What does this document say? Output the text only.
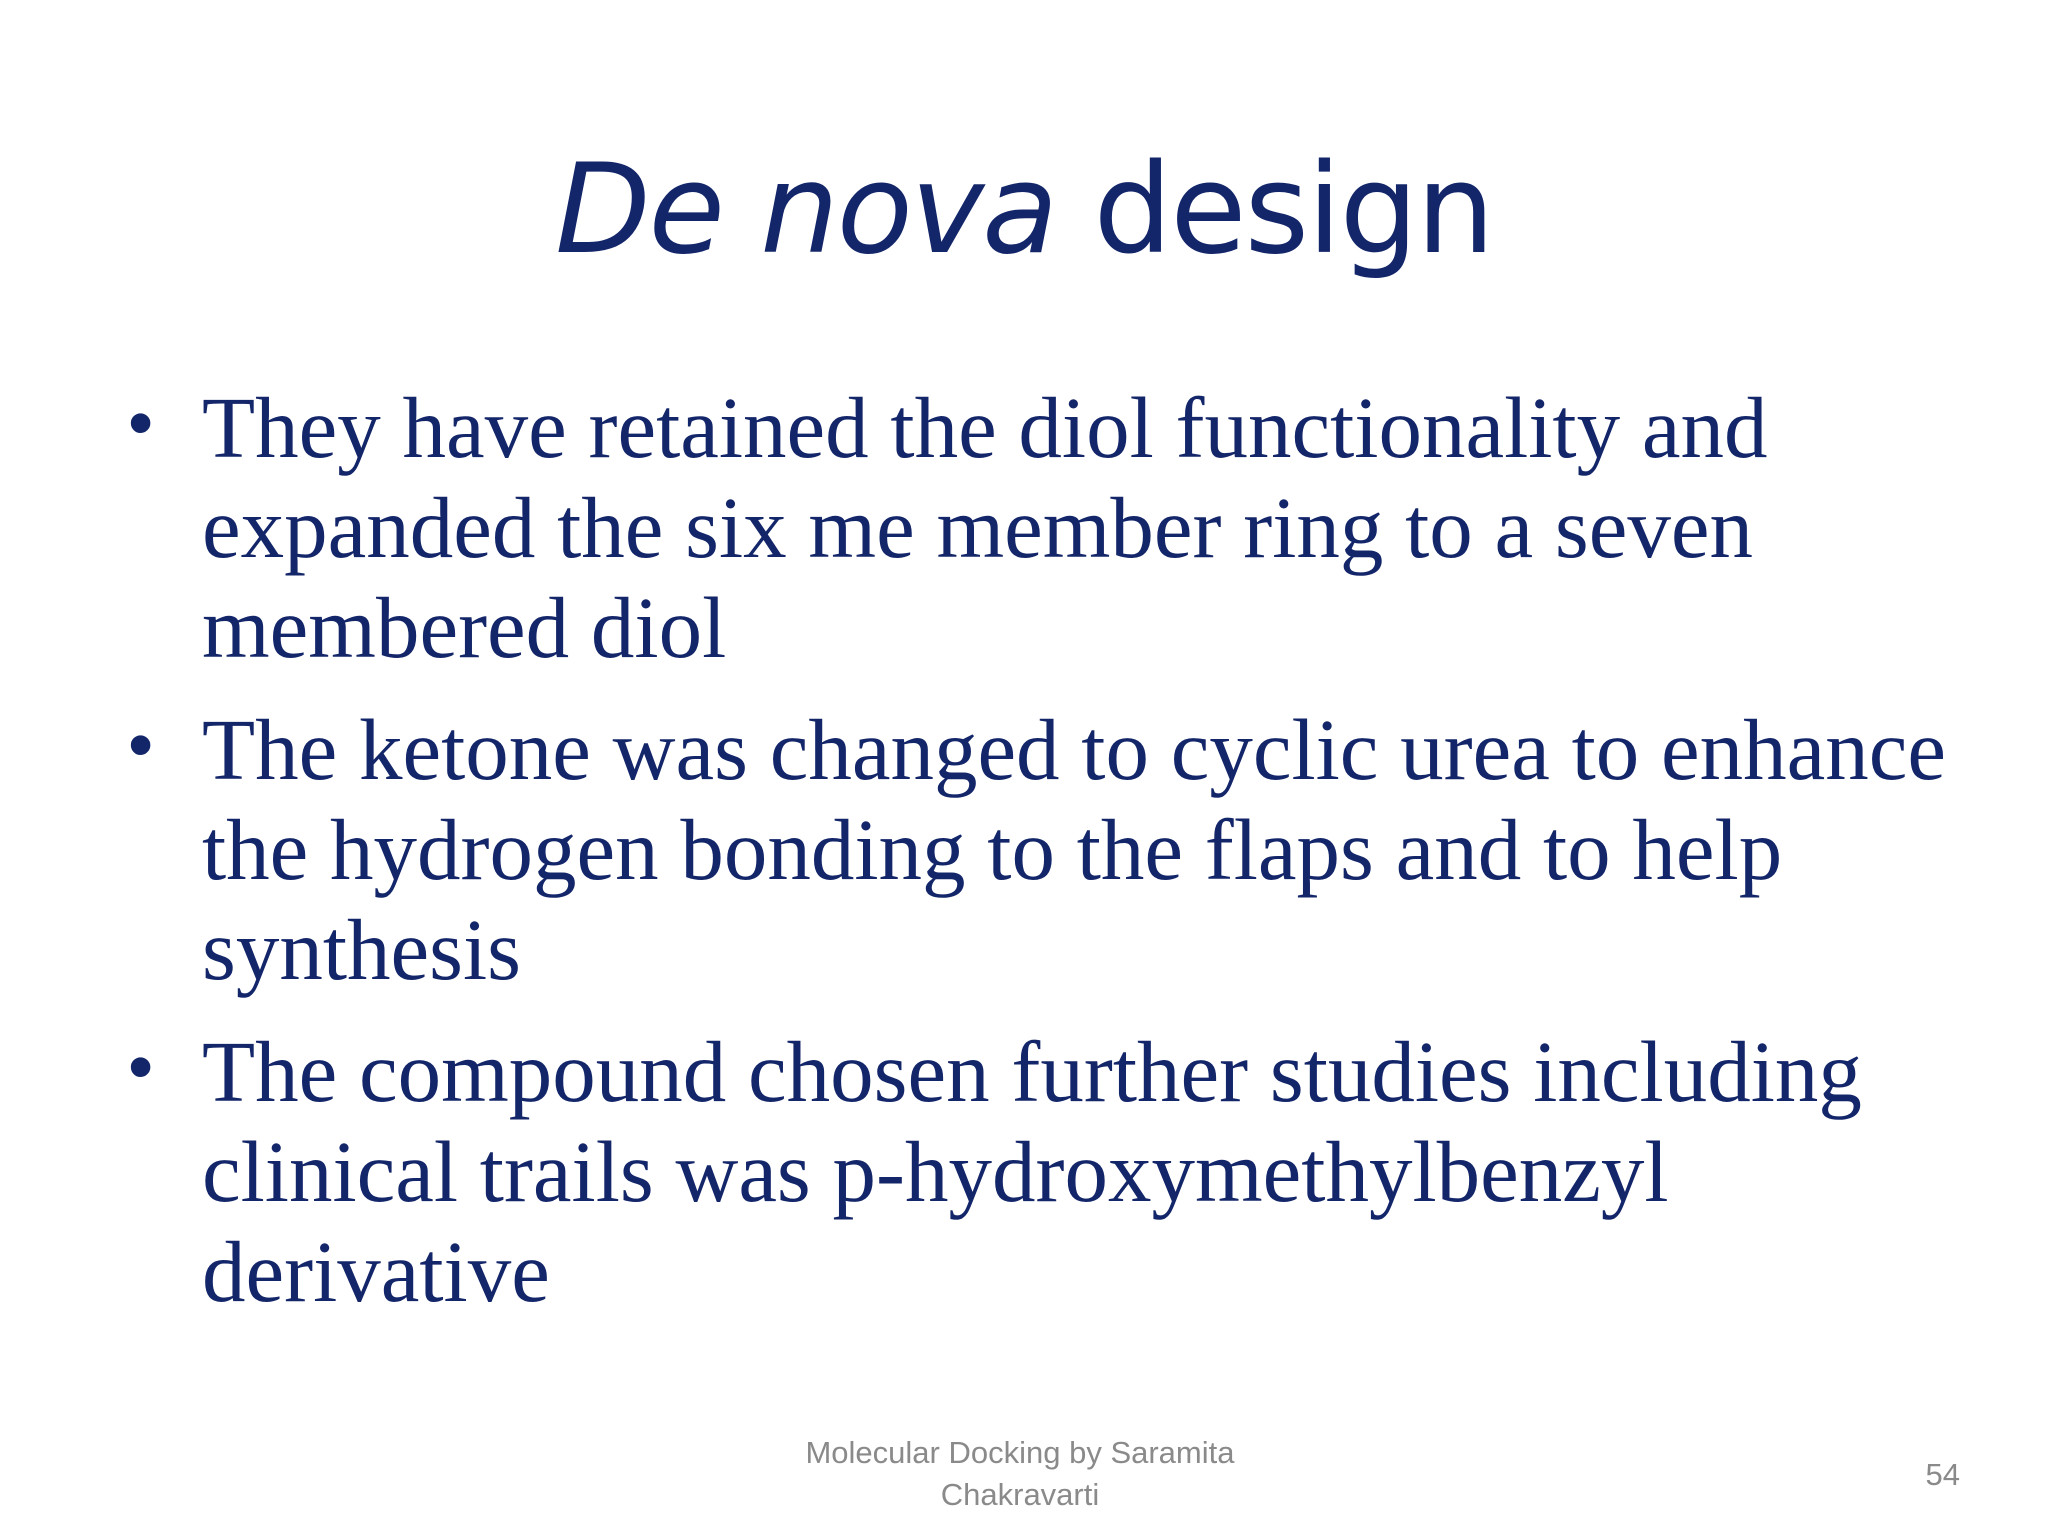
De nova design
• They have retained the diol functionality and expanded the six me member ring to a seven membered diol
• The ketone was changed to cyclic urea to enhance the hydrogen bonding to the flaps and to help synthesis
• The compound chosen further studies including clinical trails was p-hydroxymethylbenzyl derivative
Molecular Docking by Saramita Chakravarti
54
